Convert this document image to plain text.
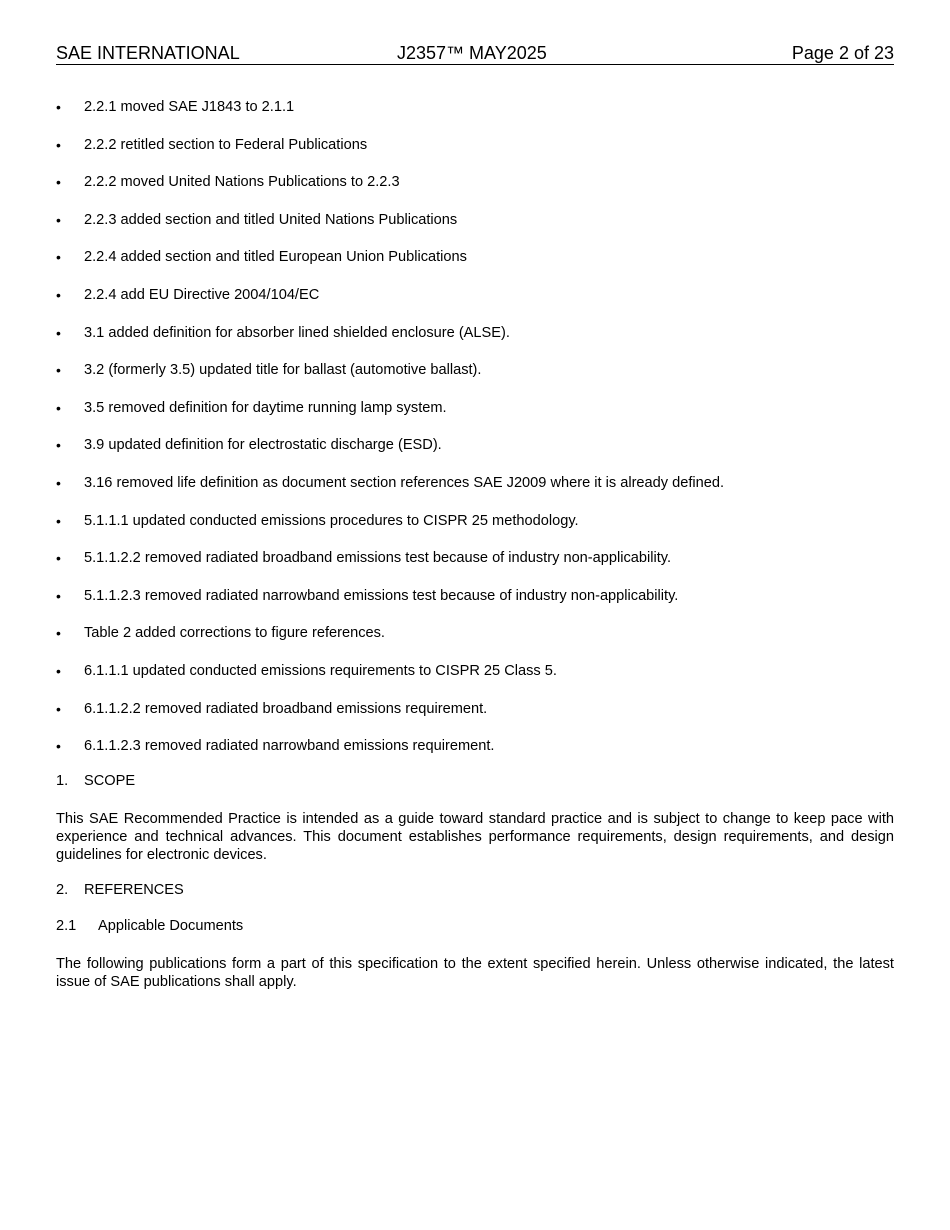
SAE INTERNATIONAL	J2357™ MAY2025	Page 2 of 23
• 2.2.1 moved SAE J1843 to 2.1.1
• 2.2.2 retitled section to Federal Publications
• 2.2.2 moved United Nations Publications to 2.2.3
• 2.2.3 added section and titled United Nations Publications
• 2.2.4 added section and titled European Union Publications
• 2.2.4 add EU Directive 2004/104/EC
• 3.1 added definition for absorber lined shielded enclosure (ALSE).
• 3.2 (formerly 3.5) updated title for ballast (automotive ballast).
• 3.5 removed definition for daytime running lamp system.
• 3.9 updated definition for electrostatic discharge (ESD).
• 3.16 removed life definition as document section references SAE J2009 where it is already defined.
• 5.1.1.1 updated conducted emissions procedures to CISPR 25 methodology.
• 5.1.1.2.2 removed radiated broadband emissions test because of industry non-applicability.
• 5.1.1.2.3 removed radiated narrowband emissions test because of industry non-applicability.
• Table 2 added corrections to figure references.
• 6.1.1.1 updated conducted emissions requirements to CISPR 25 Class 5.
• 6.1.1.2.2 removed radiated broadband emissions requirement.
• 6.1.1.2.3 removed radiated narrowband emissions requirement.
1. SCOPE

This SAE Recommended Practice is intended as a guide toward standard practice and is subject to change to keep pace with experience and technical advances. This document establishes performance requirements, design requirements, and design guidelines for electronic devices.

2. REFERENCES
2.1 Applicable Documents

The following publications form a part of this specification to the extent specified herein. Unless otherwise indicated, the latest issue of SAE publications shall apply.
